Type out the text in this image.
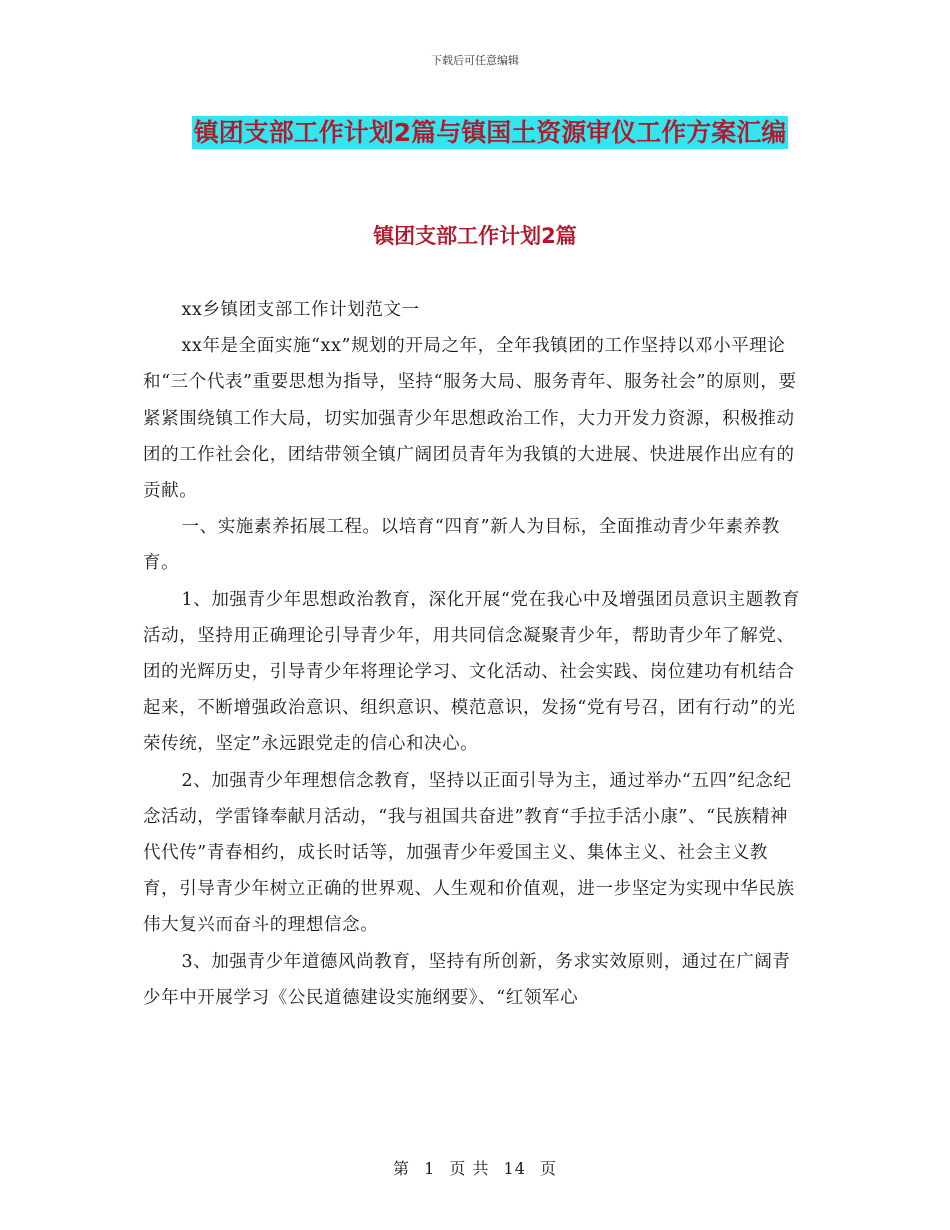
下载后可任意编辑
镇团支部工作计划2篇与镇国土资源审仪工作方案汇编
镇团支部工作计划2篇

xx乡镇团支部工作计划范文一

xx年是全面实施“xx”规划的开局之年，全年我镇团的工作坚持以邓小平理论和“三个代表”重要思想为指导，坚持“服务大局、服务青年、服务社会”的原则，要紧紧围绕镇工作大局，切实加强青少年思想政治工作，大力开发力资源，积极推动团的工作社会化，团结带领全镇广阔团员青年为我镇的大进展、快进展作出应有的贡献。

一、实施素养拓展工程。以培育“四育”新人为目标，全面推动青少年素养教育。

1、加强青少年思想政治教育，深化开展“党在我心中及增强团员意识主题教育活动，坚持用正确理论引导青少年，用共同信念凝聚青少年，帮助青少年了解党、团的光辉历史，引导青少年将理论学习、文化活动、社会实践、岗位建功有机结合起来，不断增强政治意识、组织意识、模范意识，发扬“党有号召，团有行动”的光荣传统，坚定”永远跟党走的信心和决心。

2、加强青少年理想信念教育，坚持以正面引导为主，通过举办“五四”纪念纪念活动，学雷锋奉献月活动，“我与祖国共奋进”教育“手拉手活小康”、“民族精神代代传”青春相约，成长时话等，加强青少年爱国主义、集体主义、社会主义教育，引导青少年树立正确的世界观、人生观和价值观，进一步坚定为实现中华民族伟大复兴而奋斗的理想信念。

3、加强青少年道德风尚教育，坚持有所创新，务求实效原则，通过在广阔青少年中开展学习《公民道德建设实施纲要》、“红领军心

第 1 页 共 14 页
